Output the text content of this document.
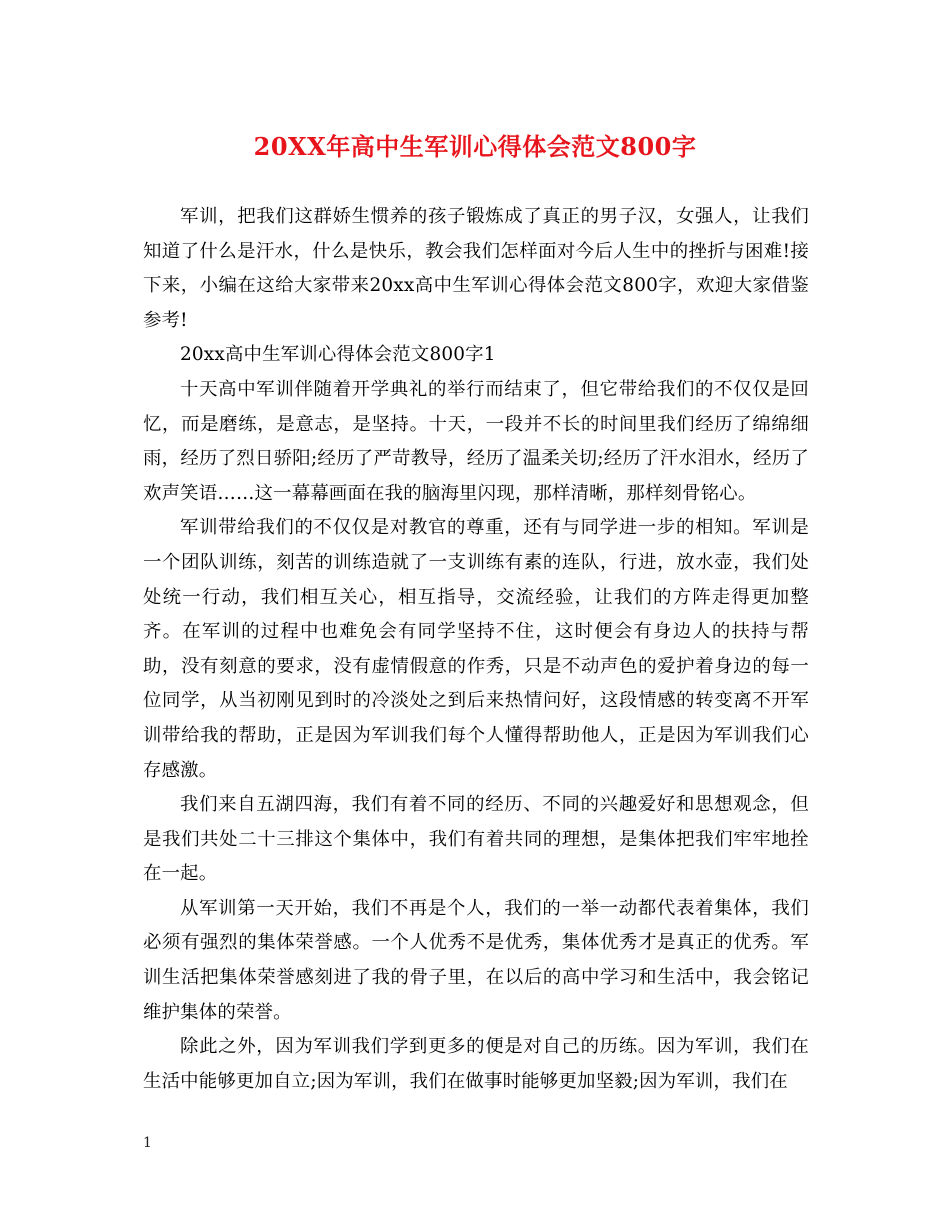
20XX年高中生军训心得体会范文800字

军训，把我们这群娇生惯养的孩子锻炼成了真正的男子汉，女强人，让我们知道了什么是汗水，什么是快乐，教会我们怎样面对今后人生中的挫折与困难!接下来，小编在这给大家带来20xx高中生军训心得体会范文800字，欢迎大家借鉴参考!

20xx高中生军训心得体会范文800字1

十天高中军训伴随着开学典礼的举行而结束了，但它带给我们的不仅仅是回忆，而是磨练，是意志，是坚持。十天，一段并不长的时间里我们经历了绵绵细雨，经历了烈日骄阳;经历了严苛教导，经历了温柔关切;经历了汗水泪水，经历了欢声笑语……这一幕幕画面在我的脑海里闪现，那样清晰，那样刻骨铭心。

军训带给我们的不仅仅是对教官的尊重，还有与同学进一步的相知。军训是一个团队训练，刻苦的训练造就了一支训练有素的连队，行进，放水壶，我们处处统一行动，我们相互关心，相互指导，交流经验，让我们的方阵走得更加整齐。在军训的过程中也难免会有同学坚持不住，这时便会有身边人的扶持与帮助，没有刻意的要求，没有虚情假意的作秀，只是不动声色的爱护着身边的每一位同学，从当初刚见到时的冷淡处之到后来热情问好，这段情感的转变离不开军训带给我的帮助，正是因为军训我们每个人懂得帮助他人，正是因为军训我们心存感激。

我们来自五湖四海，我们有着不同的经历、不同的兴趣爱好和思想观念，但是我们共处二十三排这个集体中，我们有着共同的理想，是集体把我们牢牢地拴在一起。

从军训第一天开始，我们不再是个人，我们的一举一动都代表着集体，我们必须有强烈的集体荣誉感。一个人优秀不是优秀，集体优秀才是真正的优秀。军训生活把集体荣誉感刻进了我的骨子里，在以后的高中学习和生活中，我会铭记维护集体的荣誉。

除此之外，因为军训我们学到更多的便是对自己的历练。因为军训，我们在生活中能够更加自立;因为军训，我们在做事时能够更加坚毅;因为军训，我们在

1
